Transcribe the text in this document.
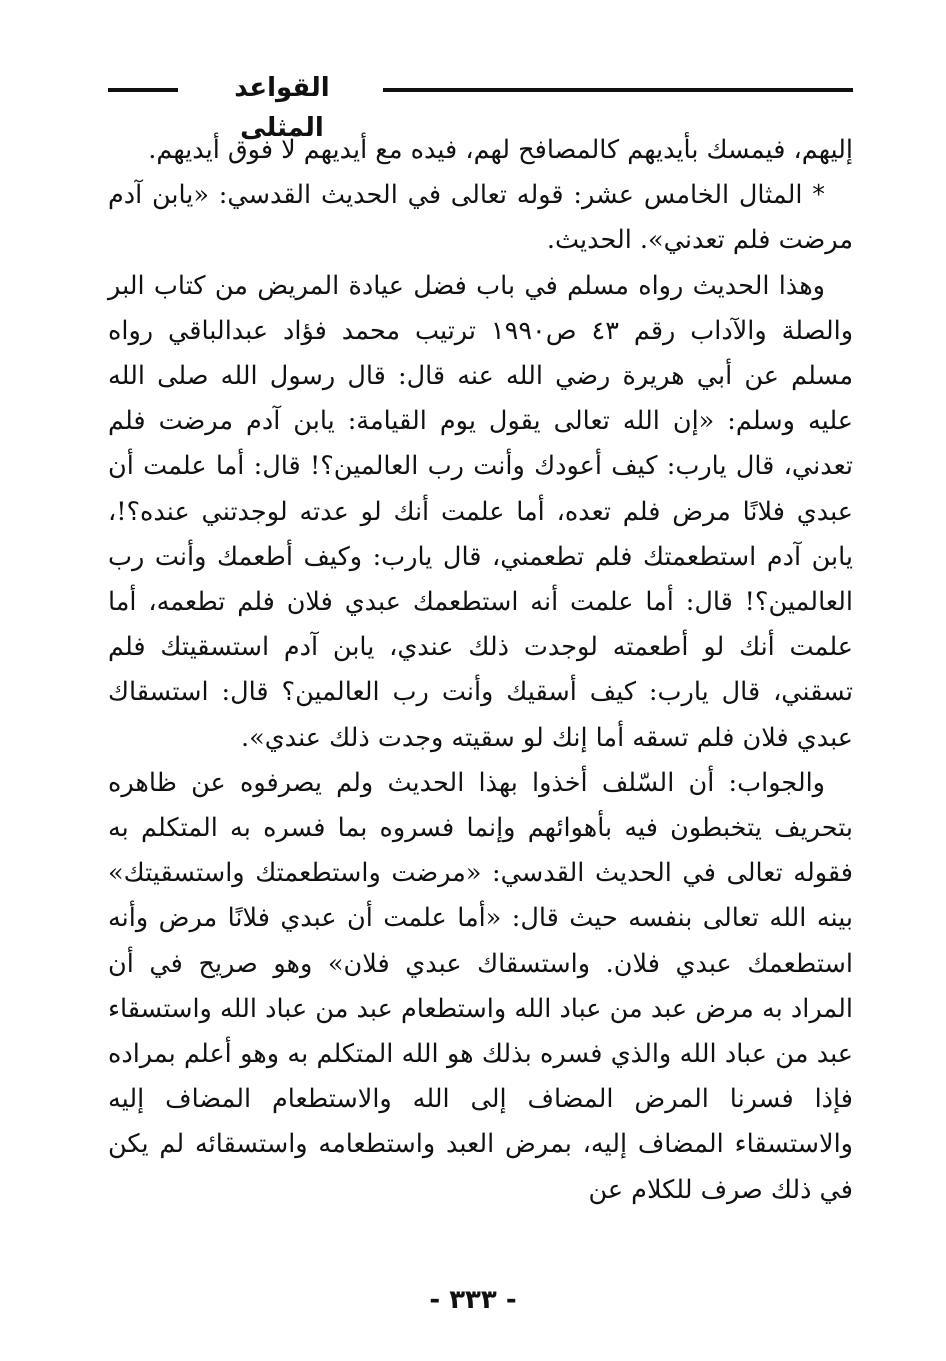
القواعد المثلى

إليهم، فيمسك بأيديهم كالمصافح لهم، فيده مع أيديهم لا فوق أيديهم.

* المثال الخامس عشر: قوله تعالى في الحديث القدسي: «يابن آدم مرضت فلم تعدني». الحديث.

وهذا الحديث رواه مسلم في باب فضل عيادة المريض من كتاب البر والصلة والآداب رقم ٤٣ ص١٩٩٠ ترتيب محمد فؤاد عبدالباقي رواه مسلم عن أبي هريرة رضي الله عنه قال: قال رسول الله صلى الله عليه وسلم: «إن الله تعالى يقول يوم القيامة: يابن آدم مرضت فلم تعدني، قال يارب: كيف أعودك وأنت رب العالمين؟! قال: أما علمت أن عبدي فلانًا مرض فلم تعده، أما علمت أنك لو عدته لوجدتني عنده؟!، يابن آدم استطعمتك فلم تطعمني، قال يارب: وكيف أطعمك وأنت رب العالمين؟! قال: أما علمت أنه استطعمك عبدي فلان فلم تطعمه، أما علمت أنك لو أطعمته لوجدت ذلك عندي، يابن آدم استسقيتك فلم تسقني، قال يارب: كيف أسقيك وأنت رب العالمين؟ قال: استسقاك عبدي فلان فلم تسقه أما إنك لو سقيته وجدت ذلك عندي».

والجواب: أن السّلف أخذوا بهذا الحديث ولم يصرفوه عن ظاهره بتحريف يتخبطون فيه بأهوائهم وإنما فسروه بما فسره به المتكلم به فقوله تعالى في الحديث القدسي: «مرضت واستطعمتك واستسقيتك» بينه الله تعالى بنفسه حيث قال: «أما علمت أن عبدي فلانًا مرض وأنه استطعمك عبدي فلان. واستسقاك عبدي فلان» وهو صريح في أن المراد به مرض عبد من عباد الله واستطعام عبد من عباد الله واستسقاء عبد من عباد الله والذي فسره بذلك هو الله المتكلم به وهو أعلم بمراده فإذا فسرنا المرض المضاف إلى الله والاستطعام المضاف إليه والاستسقاء المضاف إليه، بمرض العبد واستطعامه واستسقائه لم يكن في ذلك صرف للكلام عن

- ٣٣٣ -
